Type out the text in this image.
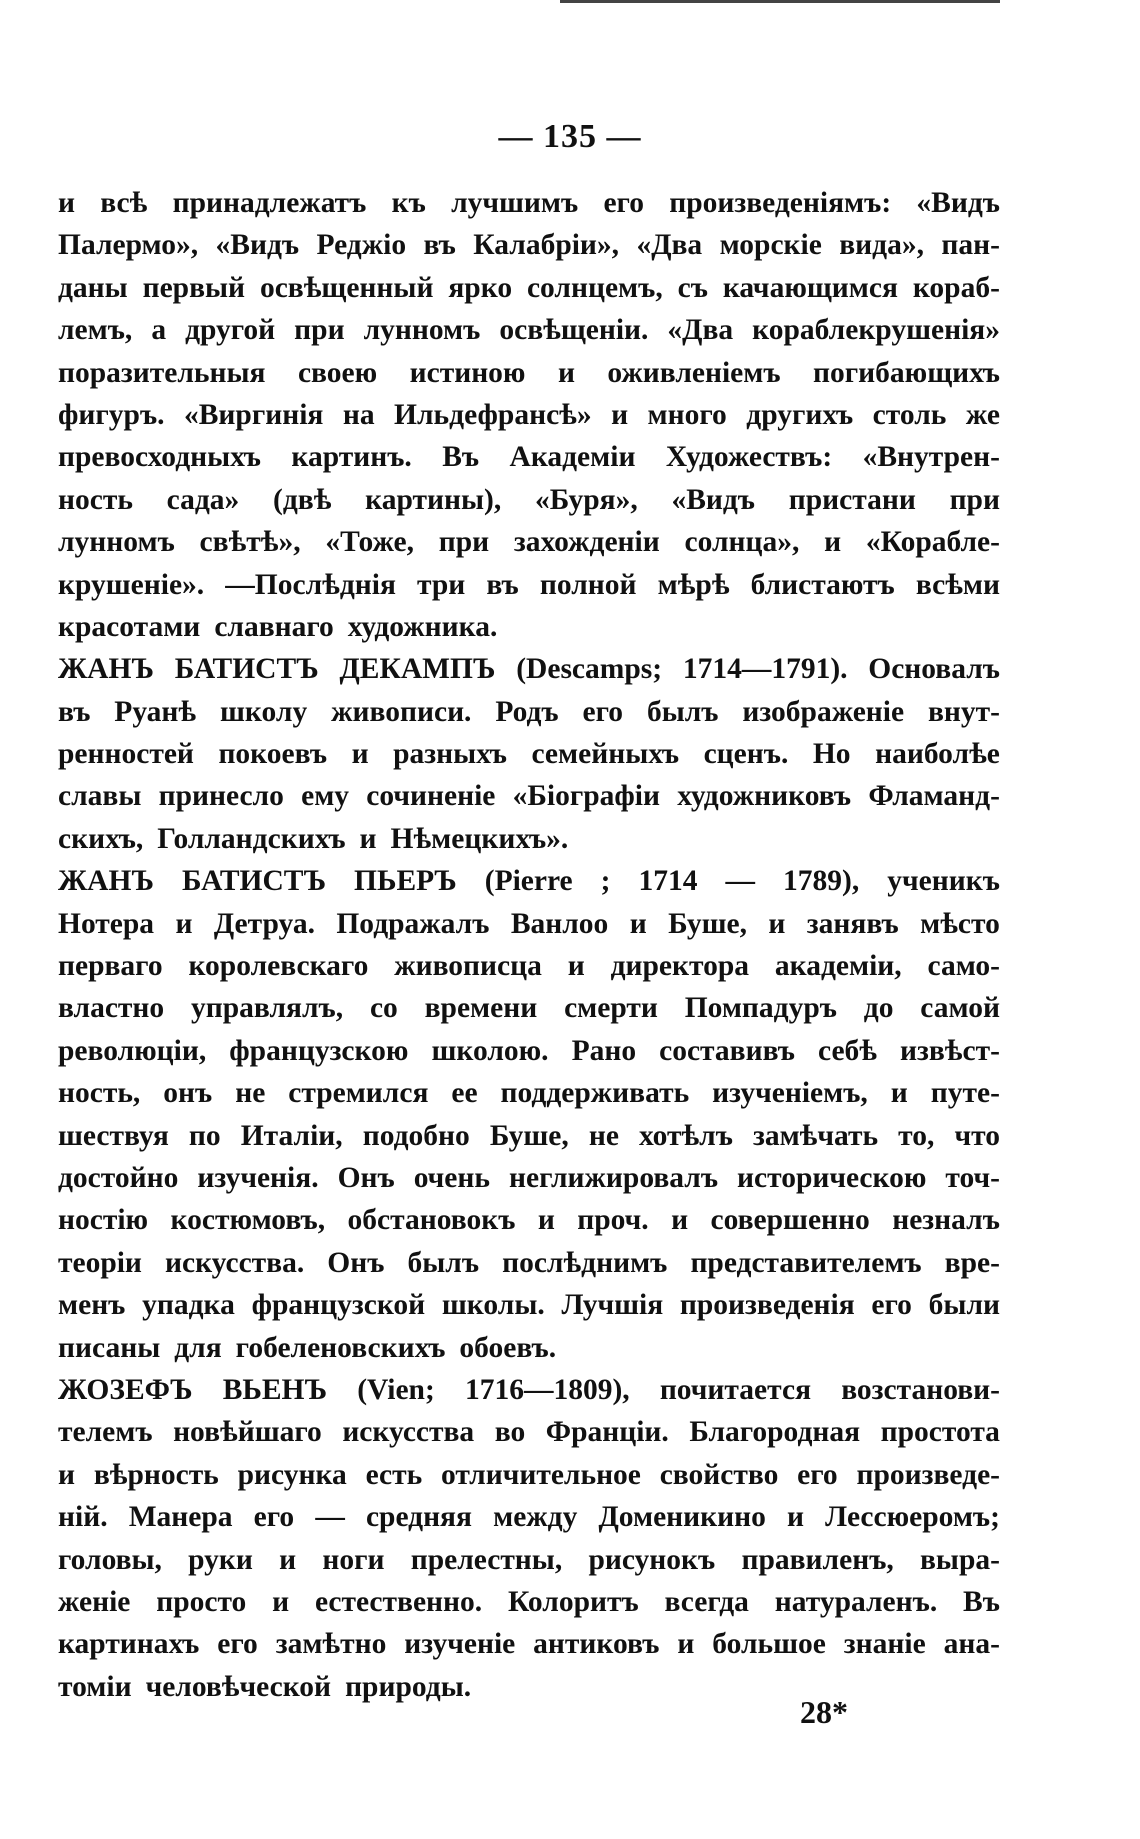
— 135 —
и всѣ принадлежатъ къ лучшимъ его произведеніямъ: «Видъ
Палермо», «Видъ Реджіо въ Калабріи», «Два морскіе вида», пан-
даны первый освѣщенный ярко солнцемъ, съ качающимся кораб-
лемъ, а другой при лунномъ освѣщеніи. «Два кораблекрушенія»
поразительныя своею истиною и оживленіемъ погибающихъ
фигуръ. «Виргинія на Ильдефрансѣ» и много другихъ столь же
превосходныхъ картинъ. Въ Академіи Художествъ: «Внутрен-
ность сада» (двѣ картины), «Буря», «Видъ пристани при
лунномъ свѣтѣ», «Тоже, при захожденіи солнца», и «Корабле-
крушеніе». —Послѣднія три въ полной мѣрѣ блистаютъ всѣми
красотами славнаго художника.
ЖАНЪ БАТИСТЪ ДЕКАМПЪ (Descamps; 1714—1791). Основалъ
въ Руанѣ школу живописи. Родъ его былъ изображеніе внут-
ренностей покоевъ и разныхъ семейныхъ сценъ. Но наиболѣе
славы принесло ему сочиненіе «Біографіи художниковъ Фламанд-
скихъ, Голландскихъ и Нѣмецкихъ».
ЖАНЪ БАТИСТЪ ПЬЕРЪ (Pierre ; 1714 — 1789), ученикъ
Нотера и Детруа. Подражалъ Ванлоо и Буше, и занявъ мѣсто
перваго королевскаго живописца и директора академіи, само-
властно управлялъ, со времени смерти Помпадуръ до самой
революціи, французскою школою. Рано составивъ себѣ извѣст-
ность, онъ не стремился ее поддерживать изученіемъ, и путе-
шествуя по Италіи, подобно Буше, не хотѣлъ замѣчать то, что
достойно изученія. Онъ очень неглижировалъ историческою точ-
ностію костюмовъ, обстановокъ и проч. и совершенно незналъ
теоріи искусства. Онъ былъ послѣднимъ представителемъ вре-
менъ упадка французской школы. Лучшія произведенія его были
писаны для гобеленовскихъ обоевъ.
ЖОЗЕФЪ ВЬЕНЪ (Vien; 1716—1809), почитается возстанови-
телемъ новѣйшаго искусства во Франціи. Благородная простота
и вѣрность рисунка есть отличительное свойство его произведе-
ній. Манера его — средняя между Доменикино и Лессюеромъ;
головы, руки и ноги прелестны, рисунокъ правиленъ, выра-
женіе просто и естественно. Колоритъ всегда натураленъ. Въ
картинахъ его замѣтно изученіе антиковъ и большое знаніе ана-
томіи человѣческой природы.
28*
